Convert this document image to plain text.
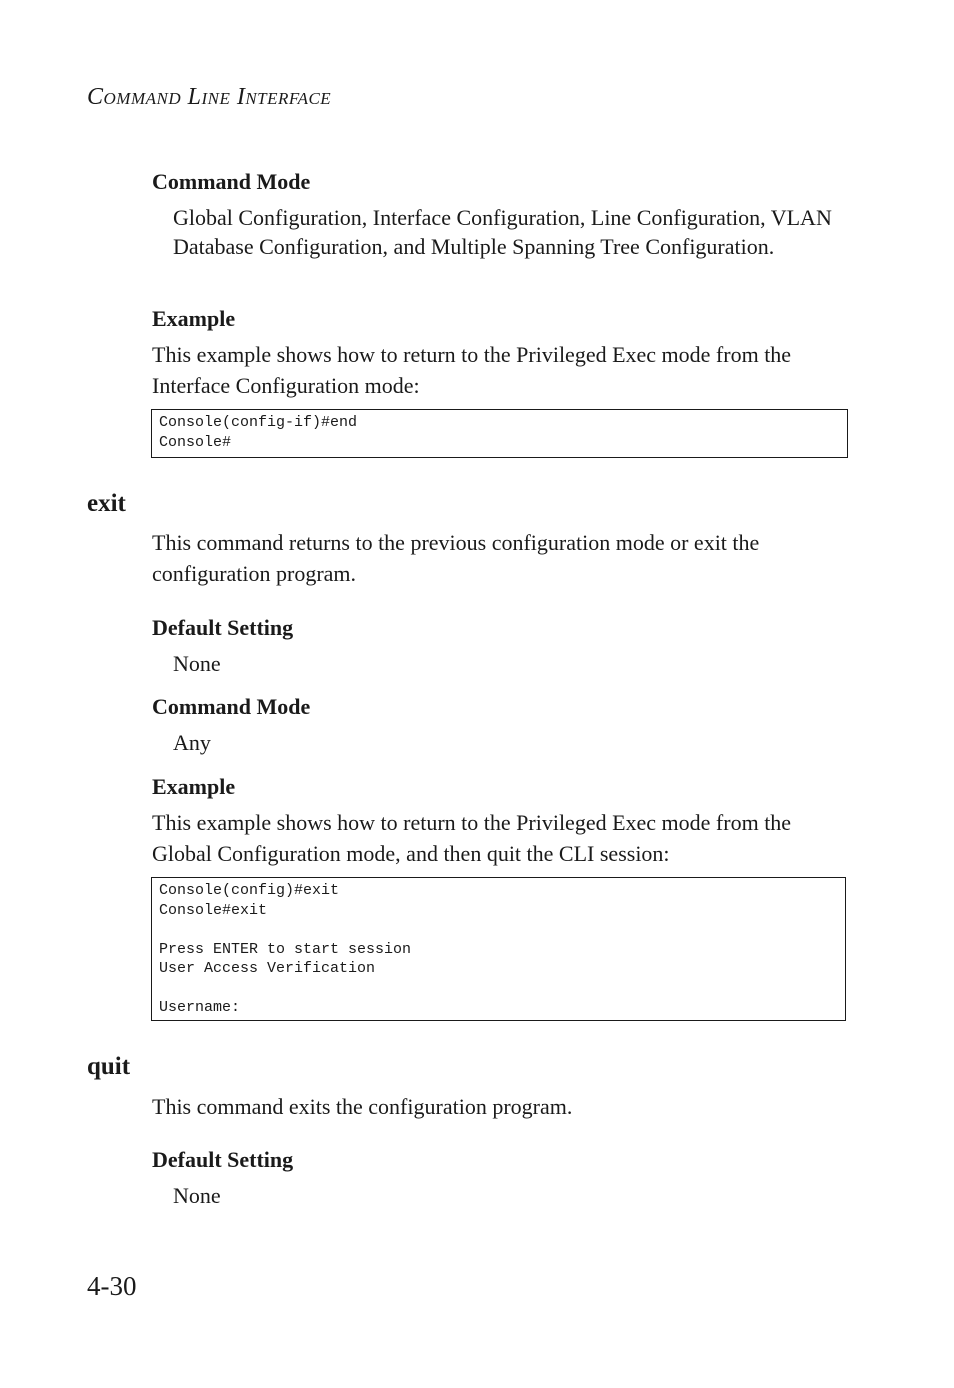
Command Line Interface
Command Mode
Global Configuration, Interface Configuration, Line Configuration, VLAN Database Configuration, and Multiple Spanning Tree Configuration.
Example
This example shows how to return to the Privileged Exec mode from the Interface Configuration mode:
Console(config-if)#end
Console#
exit
This command returns to the previous configuration mode or exit the configuration program.
Default Setting
None
Command Mode
Any
Example
This example shows how to return to the Privileged Exec mode from the Global Configuration mode, and then quit the CLI session:
Console(config)#exit
Console#exit

Press ENTER to start session
User Access Verification

Username:
quit
This command exits the configuration program.
Default Setting
None
4-30
